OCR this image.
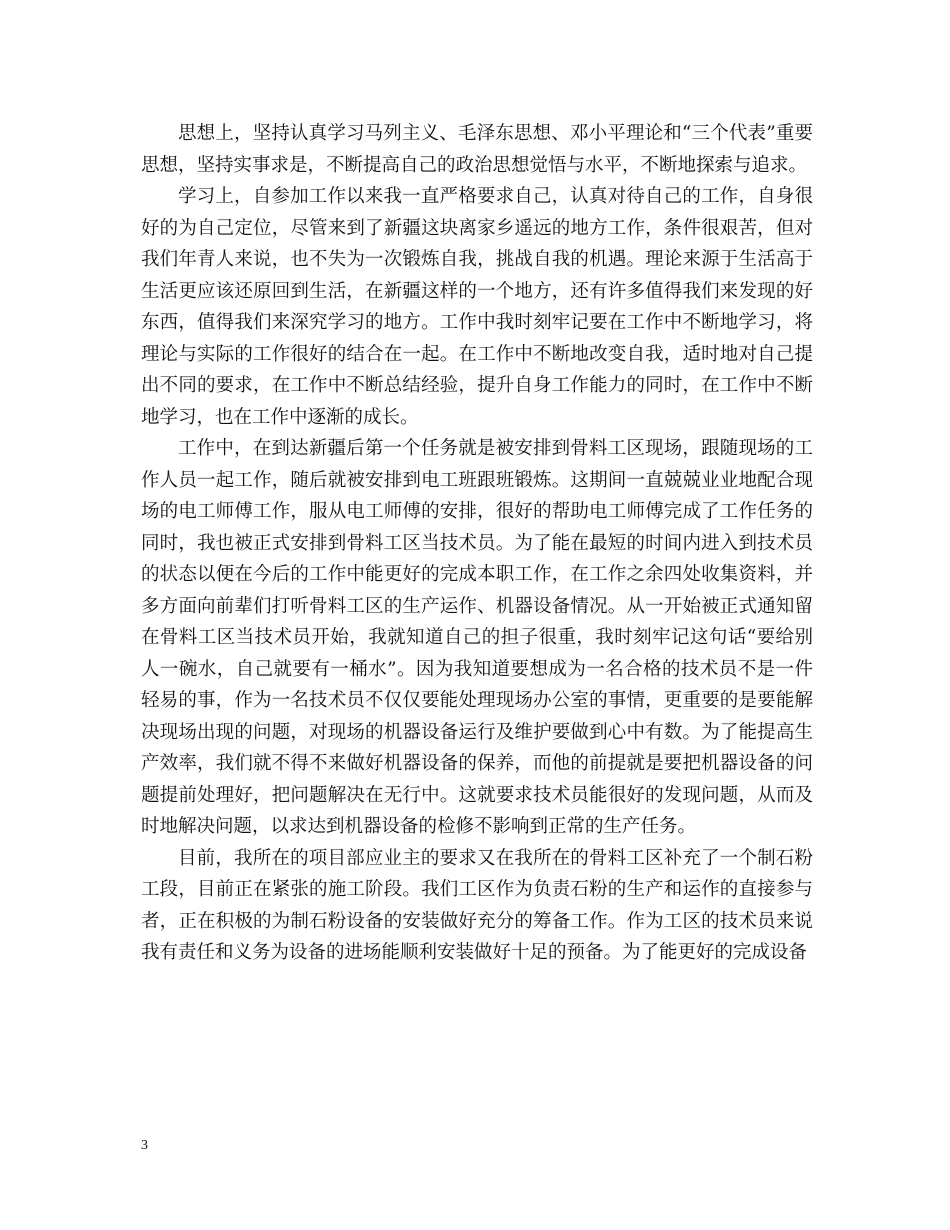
思想上，坚持认真学习马列主义、毛泽东思想、邓小平理论和“三个代表”重要思想，坚持实事求是，不断提高自己的政治思想觉悟与水平，不断地探索与追求。

学习上，自参加工作以来我一直严格要求自己，认真对待自己的工作，自身很好的为自己定位，尽管来到了新疆这块离家乡遥远的地方工作，条件很艰苦，但对我们年青人来说，也不失为一次锻炼自我，挑战自我的机遇。理论来源于生活高于生活更应该还原回到生活，在新疆这样的一个地方，还有许多值得我们来发现的好东西，值得我们来深究学习的地方。工作中我时刻牢记要在工作中不断地学习，将理论与实际的工作很好的结合在一起。在工作中不断地改变自我，适时地对自己提出不同的要求，在工作中不断总结经验，提升自身工作能力的同时，在工作中不断地学习，也在工作中逐渐的成长。

工作中，在到达新疆后第一个任务就是被安排到骨料工区现场，跟随现场的工作人员一起工作，随后就被安排到电工班跟班锻炼。这期间一直兢兢业业地配合现场的电工师傅工作，服从电工师傅的安排，很好的帮助电工师傅完成了工作任务的同时，我也被正式安排到骨料工区当技术员。为了能在最短的时间内进入到技术员的状态以便在今后的工作中能更好的完成本职工作，在工作之余四处收集资料，并多方面向前辈们打听骨料工区的生产运作、机器设备情况。从一开始被正式通知留在骨料工区当技术员开始，我就知道自己的担子很重，我时刻牢记这句话“要给别人一碗水，自己就要有一桶水”。因为我知道要想成为一名合格的技术员不是一件轻易的事，作为一名技术员不仅仅要能处理现场办公室的事情，更重要的是要能解决现场出现的问题，对现场的机器设备运行及维护要做到心中有数。为了能提高生产效率，我们就不得不来做好机器设备的保养，而他的前提就是要把机器设备的问题提前处理好，把问题解决在无行中。这就要求技术员能很好的发现问题，从而及时地解决问题，以求达到机器设备的检修不影响到正常的生产任务。

目前，我所在的项目部应业主的要求又在我所在的骨料工区补充了一个制石粉工段，目前正在紧张的施工阶段。我们工区作为负责石粉的生产和运作的直接参与者，正在积极的为制石粉设备的安装做好充分的筹备工作。作为工区的技术员来说我有责任和义务为设备的进场能顺利安装做好十足的预备。为了能更好的完成设备

3
